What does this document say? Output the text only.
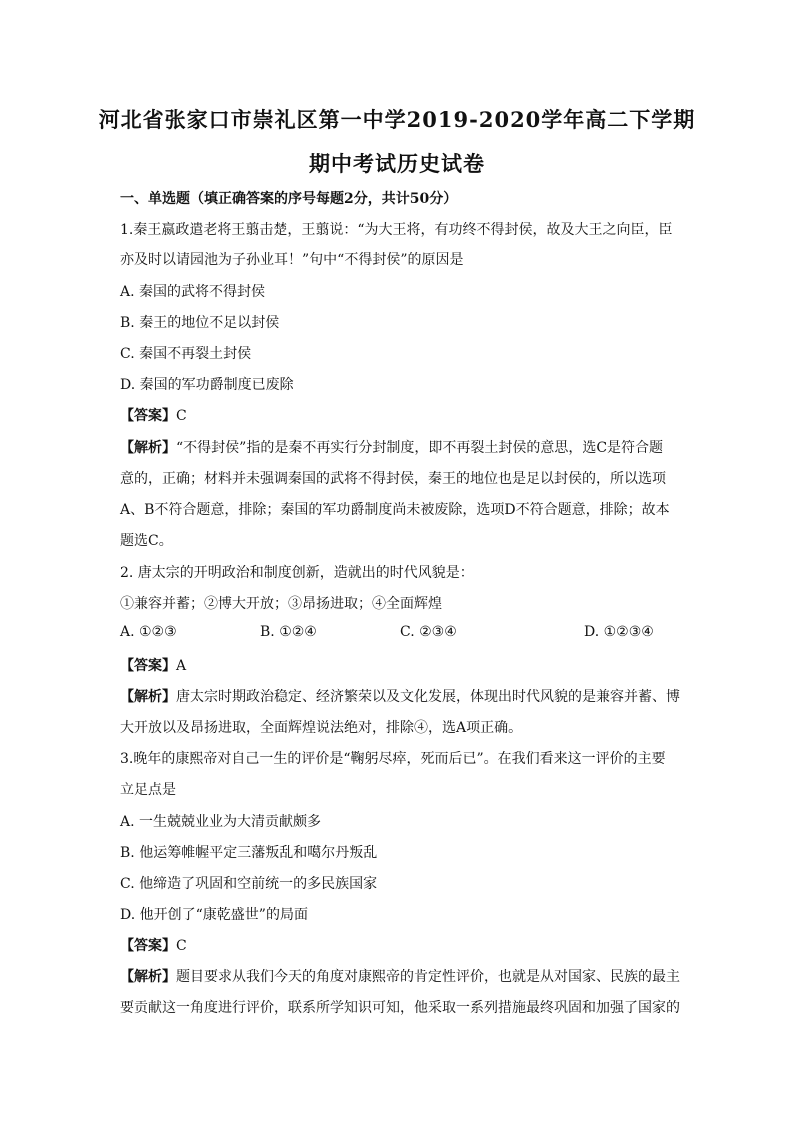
河北省张家口市崇礼区第一中学2019-2020学年高二下学期
期中考试历史试卷
一、单选题（填正确答案的序号每题2分，共计50分）
1.秦王嬴政遣老将王翦击楚，王翦说：“为大王将，有功终不得封侯，故及大王之向臣，臣
亦及时以请园池为子孙业耳！”句中“不得封侯”的原因是
A. 秦国的武将不得封侯
B. 秦王的地位不足以封侯
C. 秦国不再裂土封侯
D. 秦国的军功爵制度已废除
【答案】C
【解析】“不得封侯”指的是秦不再实行分封制度，即不再裂土封侯的意思，选C是符合题
意的，正确；材料并未强调秦国的武将不得封侯，秦王的地位也是足以封侯的，所以选项
A、B不符合题意，排除；秦国的军功爵制度尚未被废除，选项D不符合题意，排除；故本
题选C。
2. 唐太宗的开明政治和制度创新，造就出的时代风貌是：
①兼容并蓄；②博大开放；③昂扬进取；④全面辉煌
A. ①②③	B. ①②④	C. ②③④	D. ①②③④
【答案】A
【解析】唐太宗时期政治稳定、经济繁荣以及文化发展，体现出时代风貌的是兼容并蓄、博
大开放以及昂扬进取，全面辉煌说法绝对，排除④，选A项正确。
3.晚年的康熙帝对自己一生的评价是“鞠躬尽瘁，死而后已”。在我们看来这一评价的主要
立足点是
A. 一生兢兢业业为大清贡献颇多
B. 他运筹帷幄平定三藩叛乱和噶尔丹叛乱
C. 他缔造了巩固和空前统一的多民族国家
D. 他开创了“康乾盛世”的局面
【答案】C
【解析】题目要求从我们今天的角度对康熙帝的肯定性评价，也就是从对国家、民族的最主
要贡献这一角度进行评价，联系所学知识可知，他采取一系列措施最终巩固和加强了国家的
